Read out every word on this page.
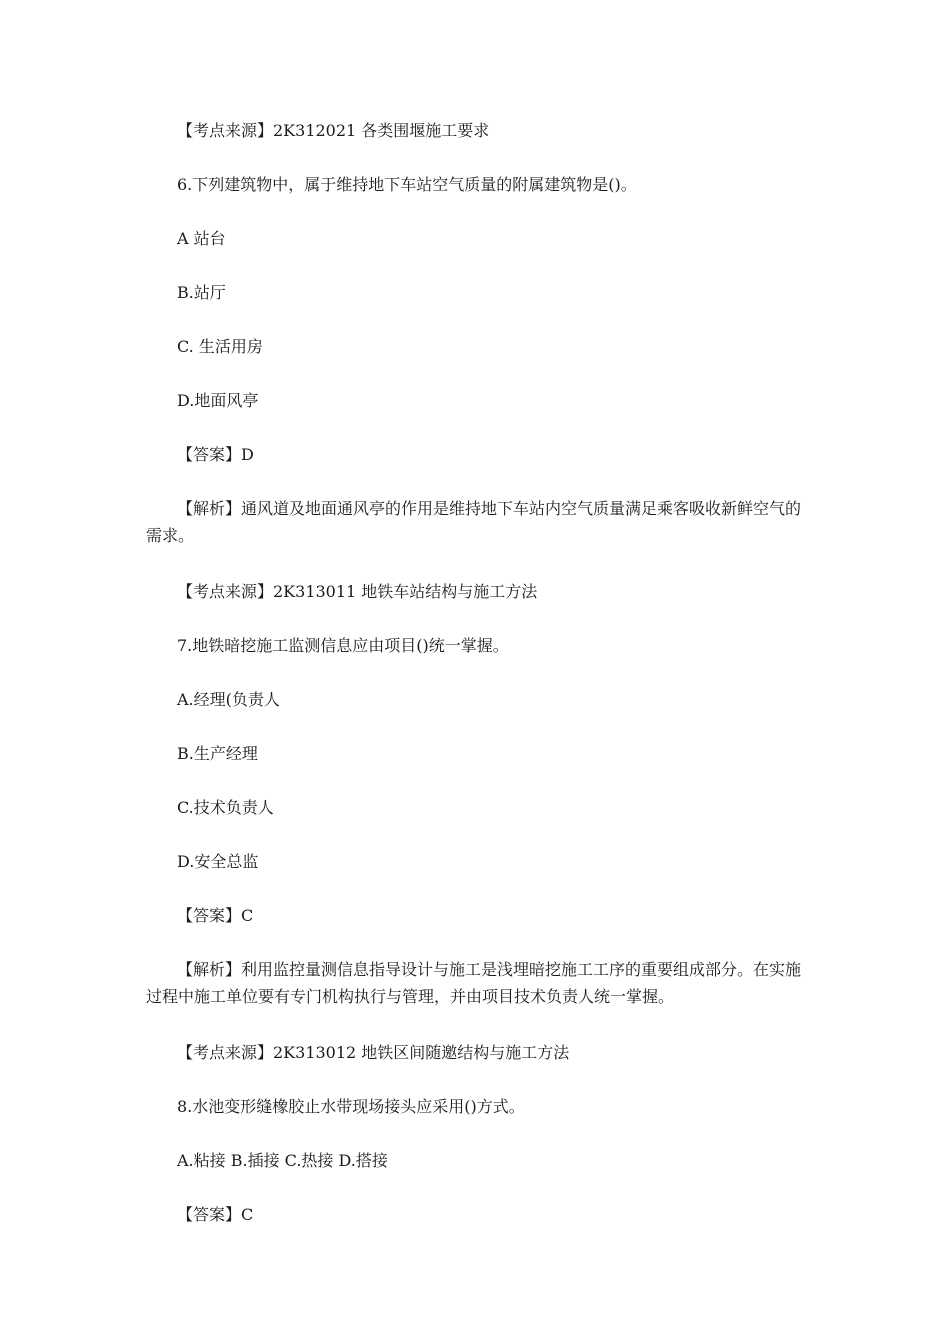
【考点来源】2K312021 各类围堰施工要求
6.下列建筑物中，属于维持地下车站空气质量的附属建筑物是()。
A 站台
B.站厅
C. 生活用房
D.地面风亭
【答案】D
【解析】通风道及地面通风亭的作用是维持地下车站内空气质量满足乘客吸收新鲜空气的需求。
【考点来源】2K313011 地铁车站结构与施工方法
7.地铁暗挖施工监测信息应由项目()统一掌握。
A.经理(负责人
B.生产经理
C.技术负责人
D.安全总监
【答案】C
【解析】利用监控量测信息指导设计与施工是浅埋暗挖施工工序的重要组成部分。在实施过程中施工单位要有专门机构执行与管理，并由项目技术负责人统一掌握。
【考点来源】2K313012 地铁区间随邀结构与施工方法
8.水池变形缝橡胶止水带现场接头应采用()方式。
A.粘接 B.插接 C.热接 D.搭接
【答案】C
